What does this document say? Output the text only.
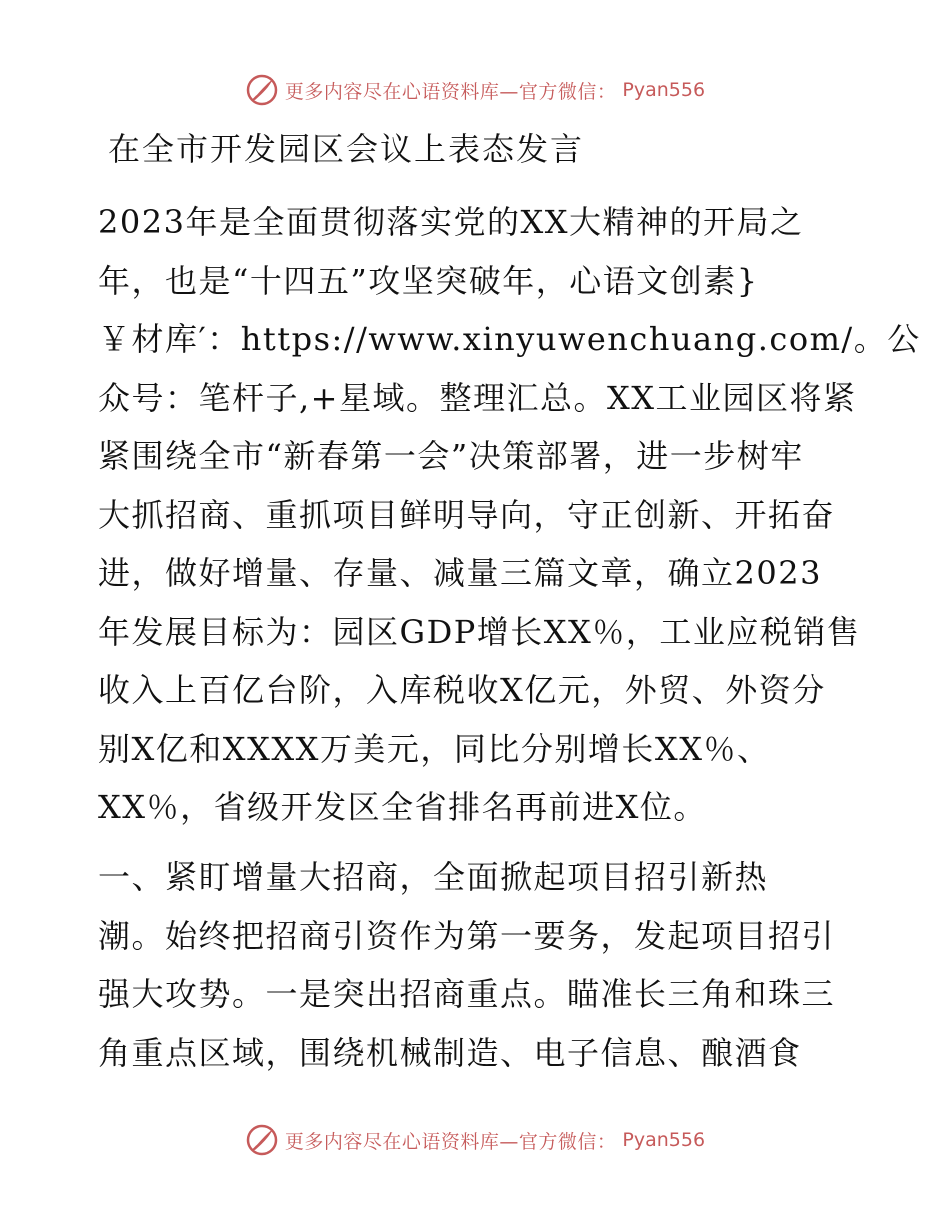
更多内容尽在心语资料库—官方微信： Pyan556
在全市开发园区会议上表态发言
2023年是全面贯彻落实党的XX大精神的开局之
年，也是“十四五”攻坚突破年，心语文创素}
￥材库′：https://www.xinyuwenchuang.com/。公
众号：笔杆子,+星域。整理汇总。XX工业园区将紧
紧围绕全市“新春第一会”决策部署，进一步树牢
大抓招商、重抓项目鲜明导向，守正创新、开拓奋
进，做好增量、存量、减量三篇文章，确立2023
年发展目标为：园区GDP增长XX％，工业应税销售
收入上百亿台阶，入库税收X亿元，外贸、外资分
别X亿和XXXX万美元，同比分别增长XX％、
XX％，省级开发区全省排名再前进X位。
一、紧盯增量大招商，全面掀起项目招引新热
潮。始终把招商引资作为第一要务，发起项目招引
强大攻势。一是突出招商重点。瞄准长三角和珠三
角重点区域，围绕机械制造、电子信息、酿酒食
更多内容尽在心语资料库—官方微信： Pyan556
